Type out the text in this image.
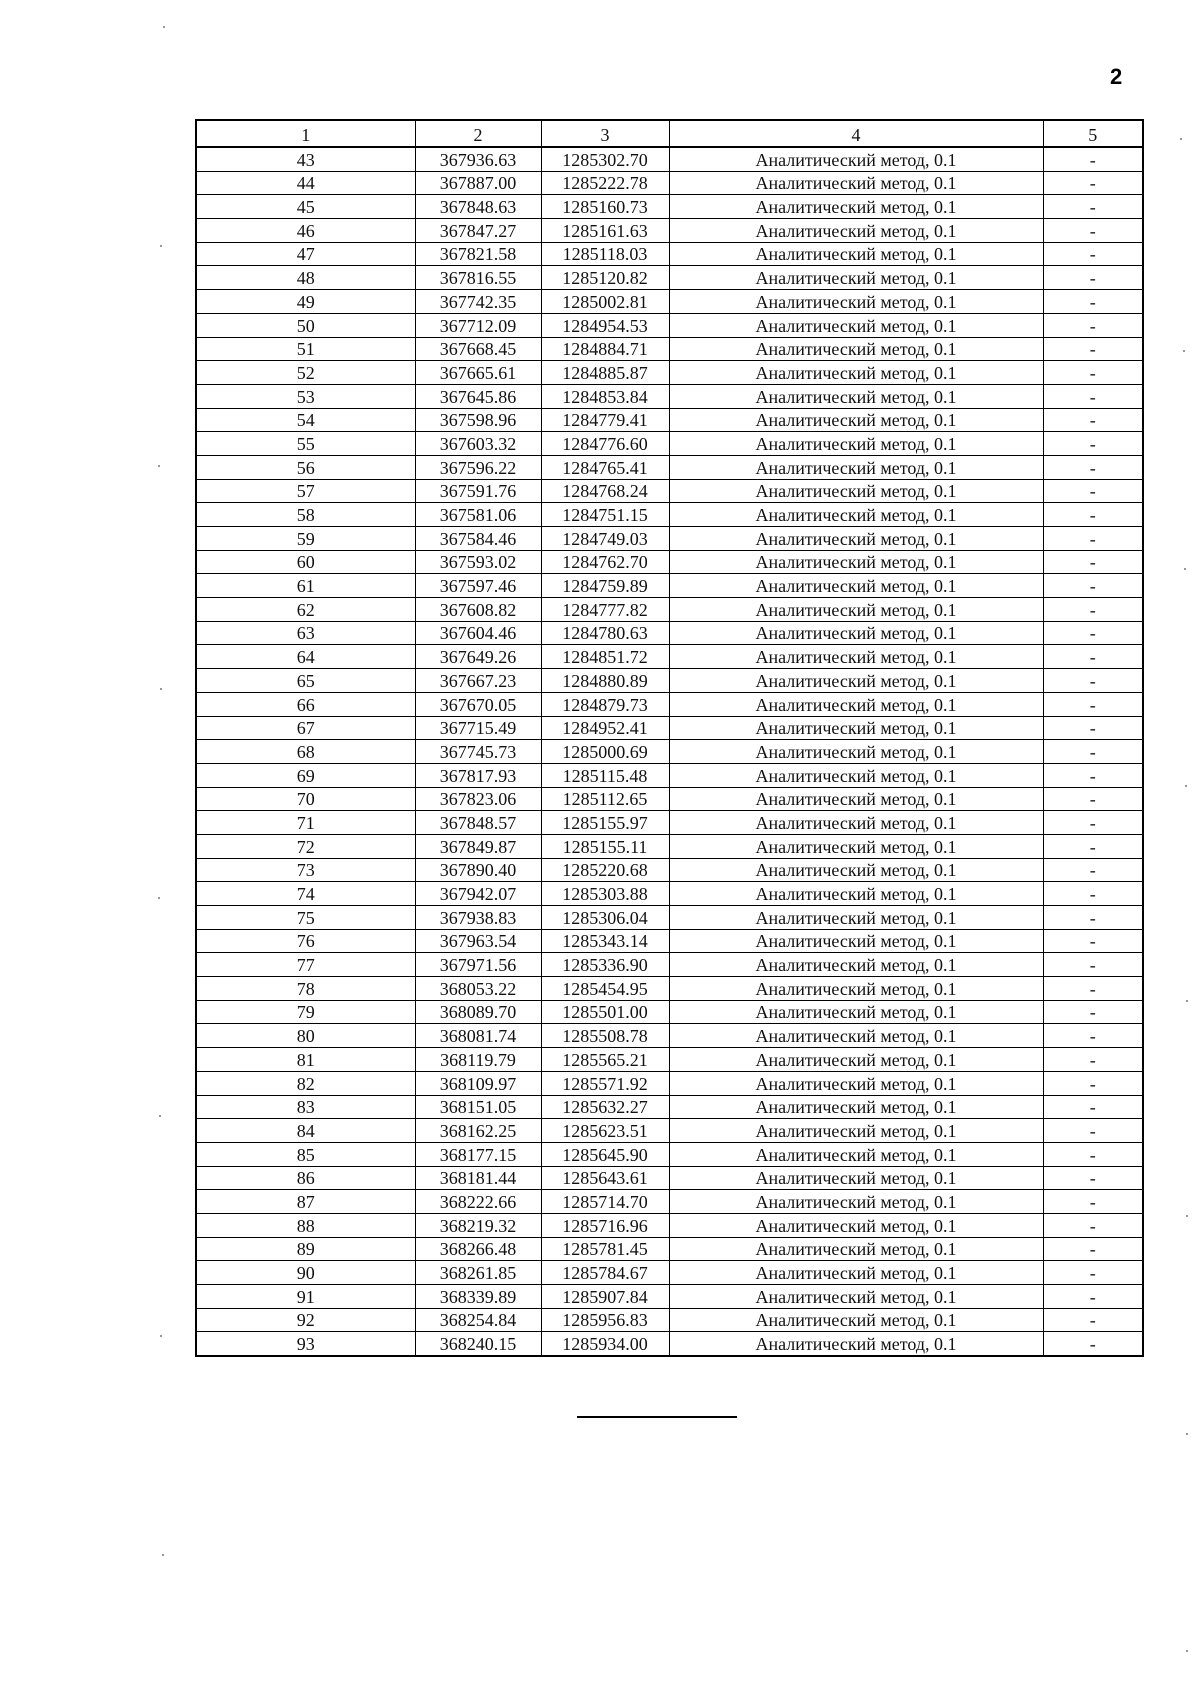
2
1	2	3	4	5
43	367936.63	1285302.70	Аналитический метод, 0.1	-
44	367887.00	1285222.78	Аналитический метод, 0.1	-
45	367848.63	1285160.73	Аналитический метод, 0.1	-
46	367847.27	1285161.63	Аналитический метод, 0.1	-
47	367821.58	1285118.03	Аналитический метод, 0.1	-
48	367816.55	1285120.82	Аналитический метод, 0.1	-
49	367742.35	1285002.81	Аналитический метод, 0.1	-
50	367712.09	1284954.53	Аналитический метод, 0.1	-
51	367668.45	1284884.71	Аналитический метод, 0.1	-
52	367665.61	1284885.87	Аналитический метод, 0.1	-
53	367645.86	1284853.84	Аналитический метод, 0.1	-
54	367598.96	1284779.41	Аналитический метод, 0.1	-
55	367603.32	1284776.60	Аналитический метод, 0.1	-
56	367596.22	1284765.41	Аналитический метод, 0.1	-
57	367591.76	1284768.24	Аналитический метод, 0.1	-
58	367581.06	1284751.15	Аналитический метод, 0.1	-
59	367584.46	1284749.03	Аналитический метод, 0.1	-
60	367593.02	1284762.70	Аналитический метод, 0.1	-
61	367597.46	1284759.89	Аналитический метод, 0.1	-
62	367608.82	1284777.82	Аналитический метод, 0.1	-
63	367604.46	1284780.63	Аналитический метод, 0.1	-
64	367649.26	1284851.72	Аналитический метод, 0.1	-
65	367667.23	1284880.89	Аналитический метод, 0.1	-
66	367670.05	1284879.73	Аналитический метод, 0.1	-
67	367715.49	1284952.41	Аналитический метод, 0.1	-
68	367745.73	1285000.69	Аналитический метод, 0.1	-
69	367817.93	1285115.48	Аналитический метод, 0.1	-
70	367823.06	1285112.65	Аналитический метод, 0.1	-
71	367848.57	1285155.97	Аналитический метод, 0.1	-
72	367849.87	1285155.11	Аналитический метод, 0.1	-
73	367890.40	1285220.68	Аналитический метод, 0.1	-
74	367942.07	1285303.88	Аналитический метод, 0.1	-
75	367938.83	1285306.04	Аналитический метод, 0.1	-
76	367963.54	1285343.14	Аналитический метод, 0.1	-
77	367971.56	1285336.90	Аналитический метод, 0.1	-
78	368053.22	1285454.95	Аналитический метод, 0.1	-
79	368089.70	1285501.00	Аналитический метод, 0.1	-
80	368081.74	1285508.78	Аналитический метод, 0.1	-
81	368119.79	1285565.21	Аналитический метод, 0.1	-
82	368109.97	1285571.92	Аналитический метод, 0.1	-
83	368151.05	1285632.27	Аналитический метод, 0.1	-
84	368162.25	1285623.51	Аналитический метод, 0.1	-
85	368177.15	1285645.90	Аналитический метод, 0.1	-
86	368181.44	1285643.61	Аналитический метод, 0.1	-
87	368222.66	1285714.70	Аналитический метод, 0.1	-
88	368219.32	1285716.96	Аналитический метод, 0.1	-
89	368266.48	1285781.45	Аналитический метод, 0.1	-
90	368261.85	1285784.67	Аналитический метод, 0.1	-
91	368339.89	1285907.84	Аналитический метод, 0.1	-
92	368254.84	1285956.83	Аналитический метод, 0.1	-
93	368240.15	1285934.00	Аналитический метод, 0.1	-
